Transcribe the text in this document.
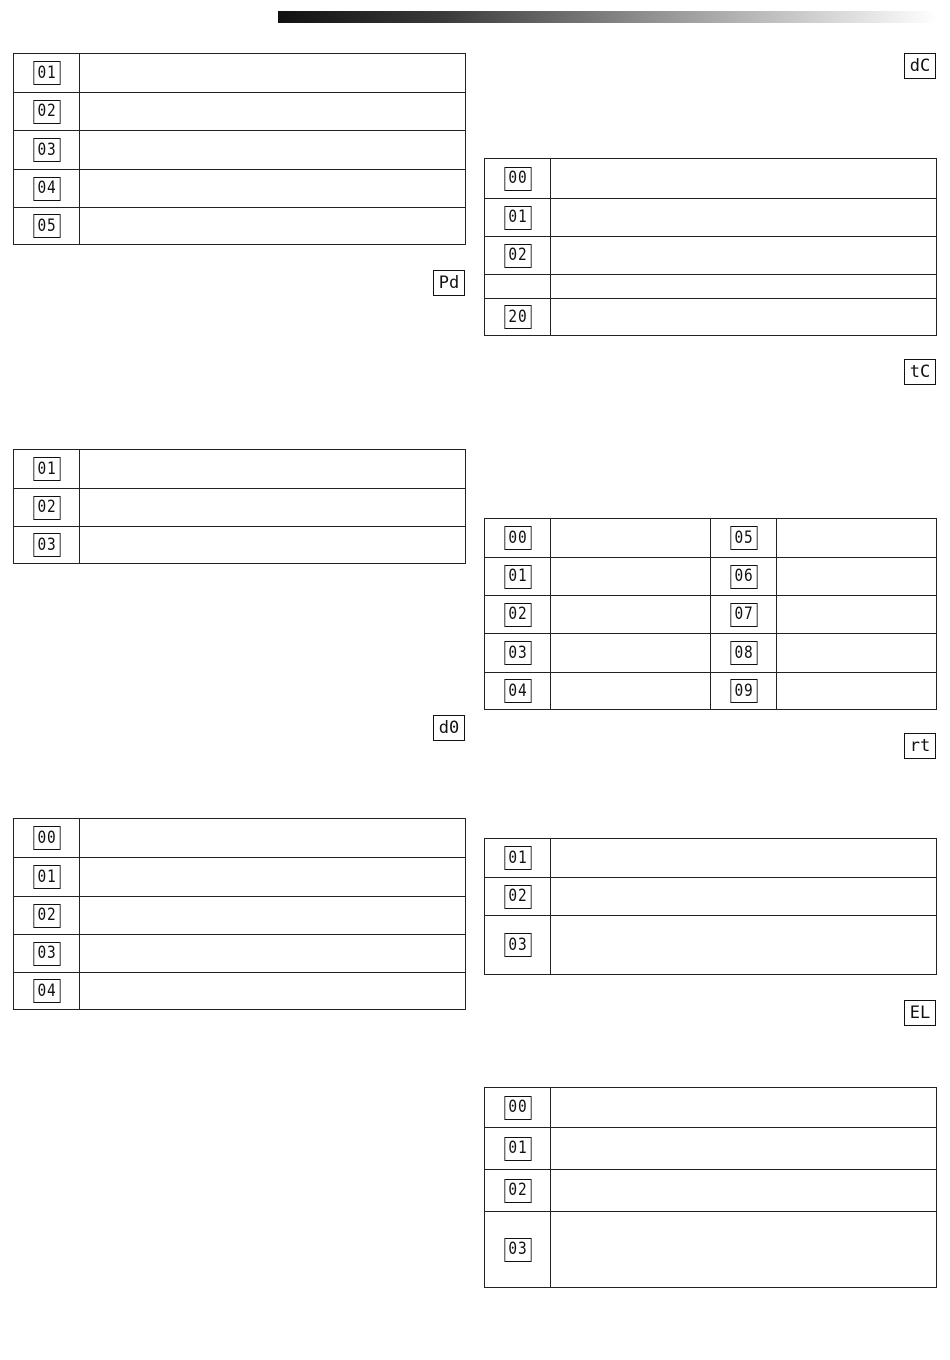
01
02
03
04
05
Pd
01
02
03
d0
00
01
02
03
04
dC
00
01
02
20
tC
00	05
01	06
02	07
03	08
04	09
rt
01
02
03
EL
00
01
02
03
